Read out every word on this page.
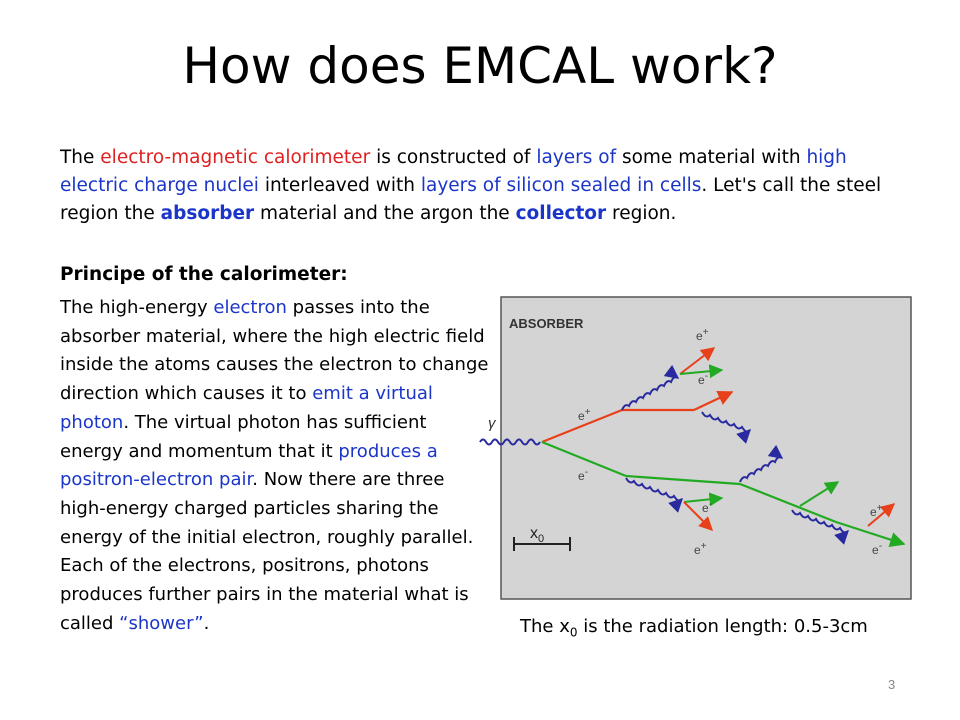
How does EMCAL work?
The electro-magnetic calorimeter is constructed of layers of some material with high electric charge nuclei interleaved with layers of silicon sealed in cells. Let's call the steel region the absorber material and the argon the collector region.
Principe of the calorimeter:
The high-energy electron passes into the absorber material, where the high electric field inside the atoms causes the electron to change direction which causes it to emit a virtual photon. The virtual photon has sufficient energy and momentum that it produces a positron-electron pair. Now there are three high-energy charged particles sharing the energy of the initial electron, roughly parallel. Each of the electrons, positrons, photons produces further pairs in the material what is called “shower”.
ABSORBER
γ	e+
e-
e+
e-
e-
e+
e+
e-
$x_0$
The $x_0$ is the radiation length: 0.5-3cm
3
